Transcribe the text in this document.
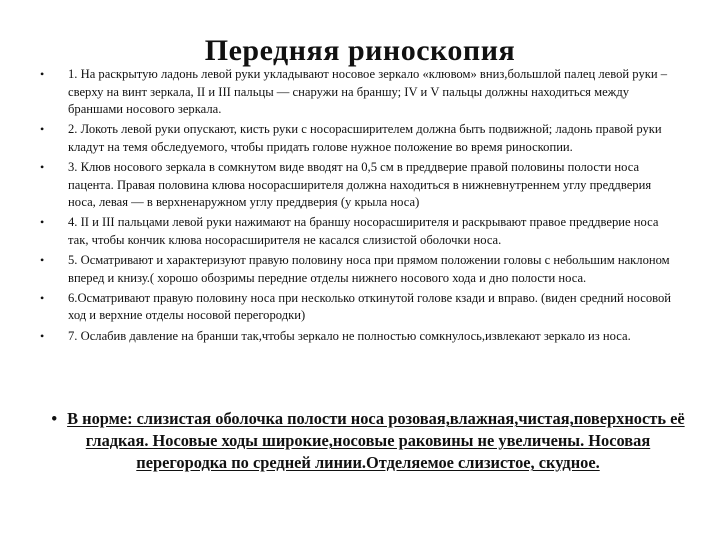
Передняя риноскопия
• 1. На раскрытую ладонь левой руки укладывают носовое зеркало «клювом» вниз,большлой палец левой руки –сверху на винт зеркала, II и III пальцы — снаружи на браншу; IV и V пальцы должны находиться между браншами носового зеркала.
• 2. Локоть левой руки опускают, кисть руки с носорасширителем должна быть подвижной; ладонь правой руки кладут на темя обследуемого, чтобы придать голове нужное положение во время риноскопии.
• 3. Клюв носового зеркала в сомкнутом виде вводят на 0,5 см в преддверие правой половины полости носа пацента. Правая половина клюва носорасширителя должна находиться в нижневнутреннем углу преддверия носа, левая — в верхненаружном углу преддверия (у крыла носа)
• 4. II и III пальцами левой руки нажимают на браншу носорасширителя и раскрывают правое преддверие носа так, чтобы кончик клюва носорасширителя не касался слизистой оболочки носа.
• 5. Осматривают и характеризуют правую половину носа при прямом положении головы с небольшим наклоном вперед и книзу.( хорошо обозримы передние отделы нижнего носового хода и дно полости носа.
• 6.Осматривают правую половину носа при несколько откинутой голове кзади и вправо. (виден средний носовой ход и верхние отделы носовой перегородки)
• 7. Ослабив давление на бранши так,чтобы зеркало не полностью сомкнулось,извлекают зеркало из носа.
• В норме: слизистая оболочка полости носа розовая,влажная,чистая,поверхность её гладкая. Носовые ходы широкие,носовые раковины не увеличены. Носовая перегородка по средней линии.Отделяемое слизистое, скудное.
